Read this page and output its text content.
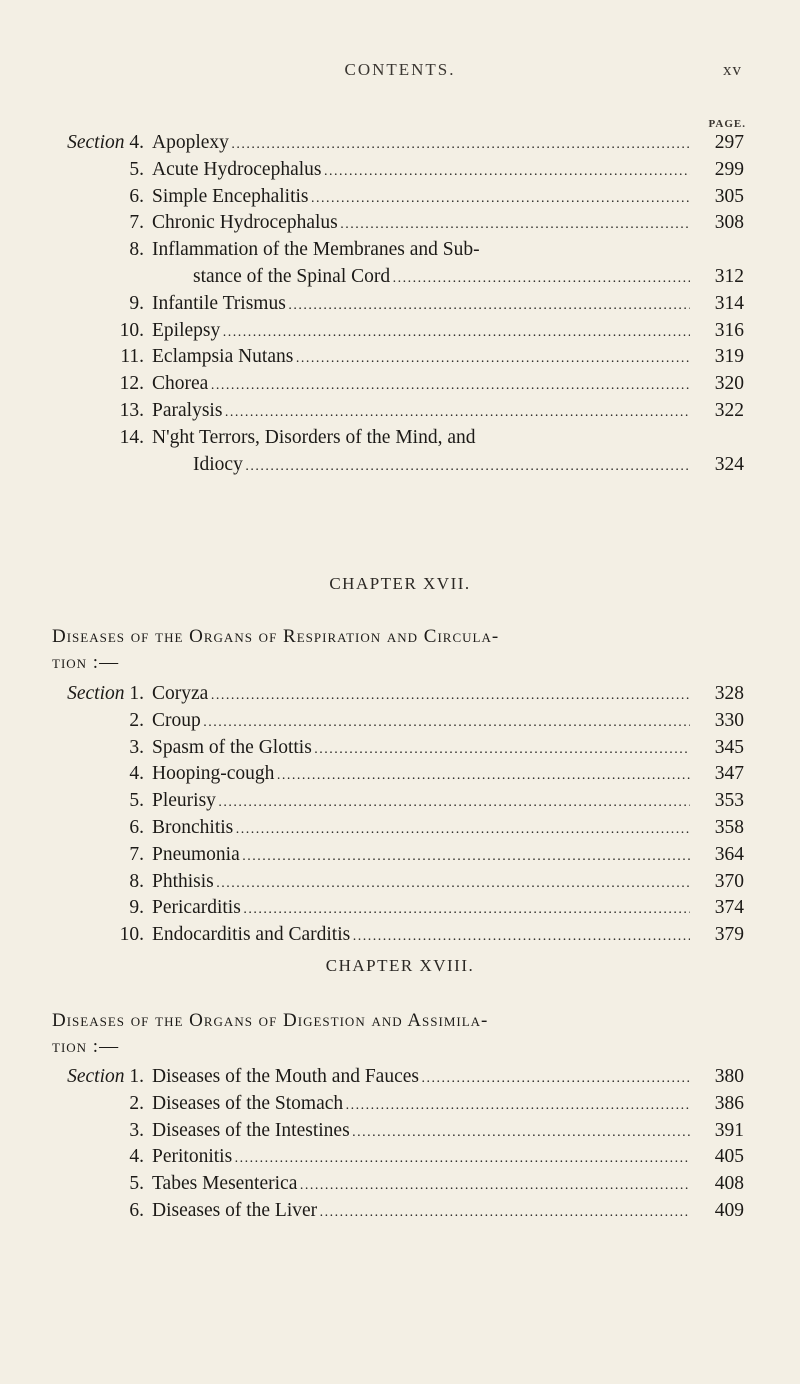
CONTENTS.	xv
PAGE.
Section 4. Apoplexy . . .	297
5. Acute Hydrocephalus . . .	299
6. Simple Encephalitis . . .	305
7. Chronic Hydrocephalus . . .	308
8. Inflammation of the Membranes and Sub-
stance of the Spinal Cord . . .	312
9. Infantile Trismus . . .	314
10. Epilepsy . . .	316
11. Eclampsia Nutans . . .	319
12. Chorea . . .	320
13. Paralysis . . .	322
14. N'ght Terrors, Disorders of the Mind, and
Idiocy . . .	324
CHAPTER XVII.
Diseases of the Organs of Respiration and Circula-
tion :—
Section 1. Coryza . . .	328
2. Croup . . .	330
3. Spasm of the Glottis . . .	345
4. Hooping-cough . . .	347
5. Pleurisy . . .	353
6. Bronchitis . . .	358
7. Pneumonia . . .	364
8. Phthisis . . .	370
9. Pericarditis . . .	374
10. Endocarditis and Carditis . . .	379
CHAPTER XVIII.
Diseases of the Organs of Digestion and Assimila-
tion :—
Section 1. Diseases of the Mouth and Fauces . . .	380
2. Diseases of the Stomach . . .	386
3. Diseases of the Intestines . . .	391
4. Peritonitis . . .	405
5. Tabes Mesenterica . . .	408
6. Diseases of the Liver . . .	409
